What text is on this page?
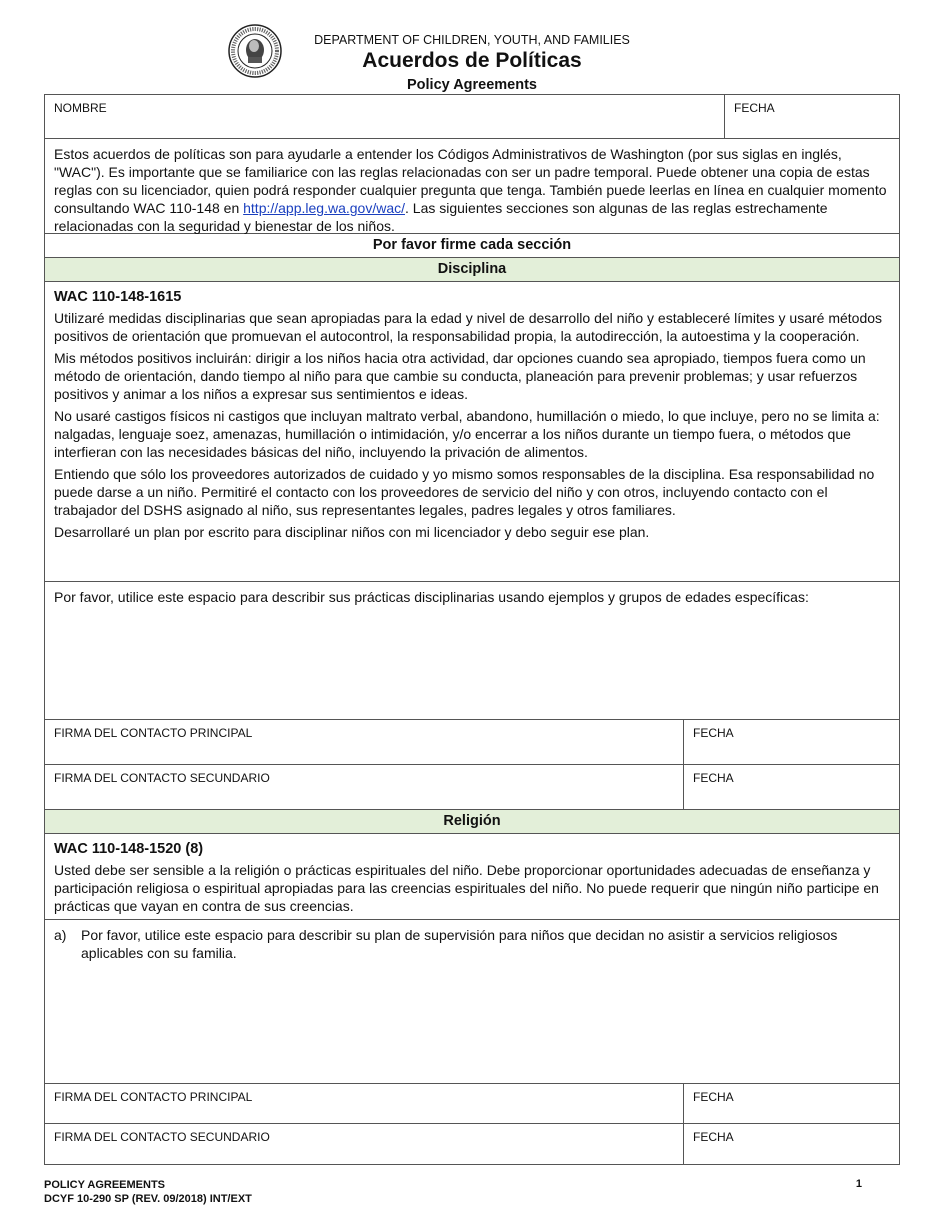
DEPARTMENT OF CHILDREN, YOUTH, AND FAMILIES
Acuerdos de Políticas
Policy Agreements
NOMBRE	FECHA
Estos acuerdos de políticas son para ayudarle a entender los Códigos Administrativos de Washington (por sus siglas en inglés, "WAC"). Es importante que se familiarice con las reglas relacionadas con ser un padre temporal. Puede obtener una copia de estas reglas con su licenciador, quien podrá responder cualquier pregunta que tenga. También puede leerlas en línea en cualquier momento consultando WAC 110-148 en http://app.leg.wa.gov/wac/. Las siguientes secciones son algunas de las reglas estrechamente relacionadas con la seguridad y bienestar de los niños.
Por favor firme cada sección
Disciplina
WAC 110-148-1615

Utilizaré medidas disciplinarias que sean apropiadas para la edad y nivel de desarrollo del niño y estableceré límites y usaré métodos positivos de orientación que promuevan el autocontrol, la responsabilidad propia, la autodirección, la autoestima y la cooperación.

Mis métodos positivos incluirán: dirigir a los niños hacia otra actividad, dar opciones cuando sea apropiado, tiempos fuera como un método de orientación, dando tiempo al niño para que cambie su conducta, planeación para prevenir problemas; y usar refuerzos positivos y animar a los niños a expresar sus sentimientos e ideas.

No usaré castigos físicos ni castigos que incluyan maltrato verbal, abandono, humillación o miedo, lo que incluye, pero no se limita a: nalgadas, lenguaje soez, amenazas, humillación o intimidación, y/o encerrar a los niños durante un tiempo fuera, o métodos que interfieran con las necesidades básicas del niño, incluyendo la privación de alimentos.

Entiendo que sólo los proveedores autorizados de cuidado y yo mismo somos responsables de la disciplina. Esa responsabilidad no puede darse a un niño. Permitiré el contacto con los proveedores de servicio del niño y con otros, incluyendo contacto con el trabajador del DSHS asignado al niño, sus representantes legales, padres legales y otros familiares.

Desarrollaré un plan por escrito para disciplinar niños con mi licenciador y debo seguir ese plan.

Por favor, utilice este espacio para describir sus prácticas disciplinarias usando ejemplos y grupos de edades específicas:
FIRMA DEL CONTACTO PRINCIPAL	FECHA
FIRMA DEL CONTACTO SECUNDARIO	FECHA
Religión
WAC 110-148-1520 (8)

Usted debe ser sensible a la religión o prácticas espirituales del niño. Debe proporcionar oportunidades adecuadas de enseñanza y participación religiosa o espiritual apropiadas para las creencias espirituales del niño. No puede requerir que ningún niño participe en prácticas que vayan en contra de sus creencias.

a)	Por favor, utilice este espacio para describir su plan de supervisión para niños que decidan no asistir a servicios religiosos aplicables con su familia.
FIRMA DEL CONTACTO PRINCIPAL	FECHA
FIRMA DEL CONTACTO SECUNDARIO	FECHA
POLICY AGREEMENTS
DCYF 10-290 SP (REV. 09/2018) INT/EXT
1
